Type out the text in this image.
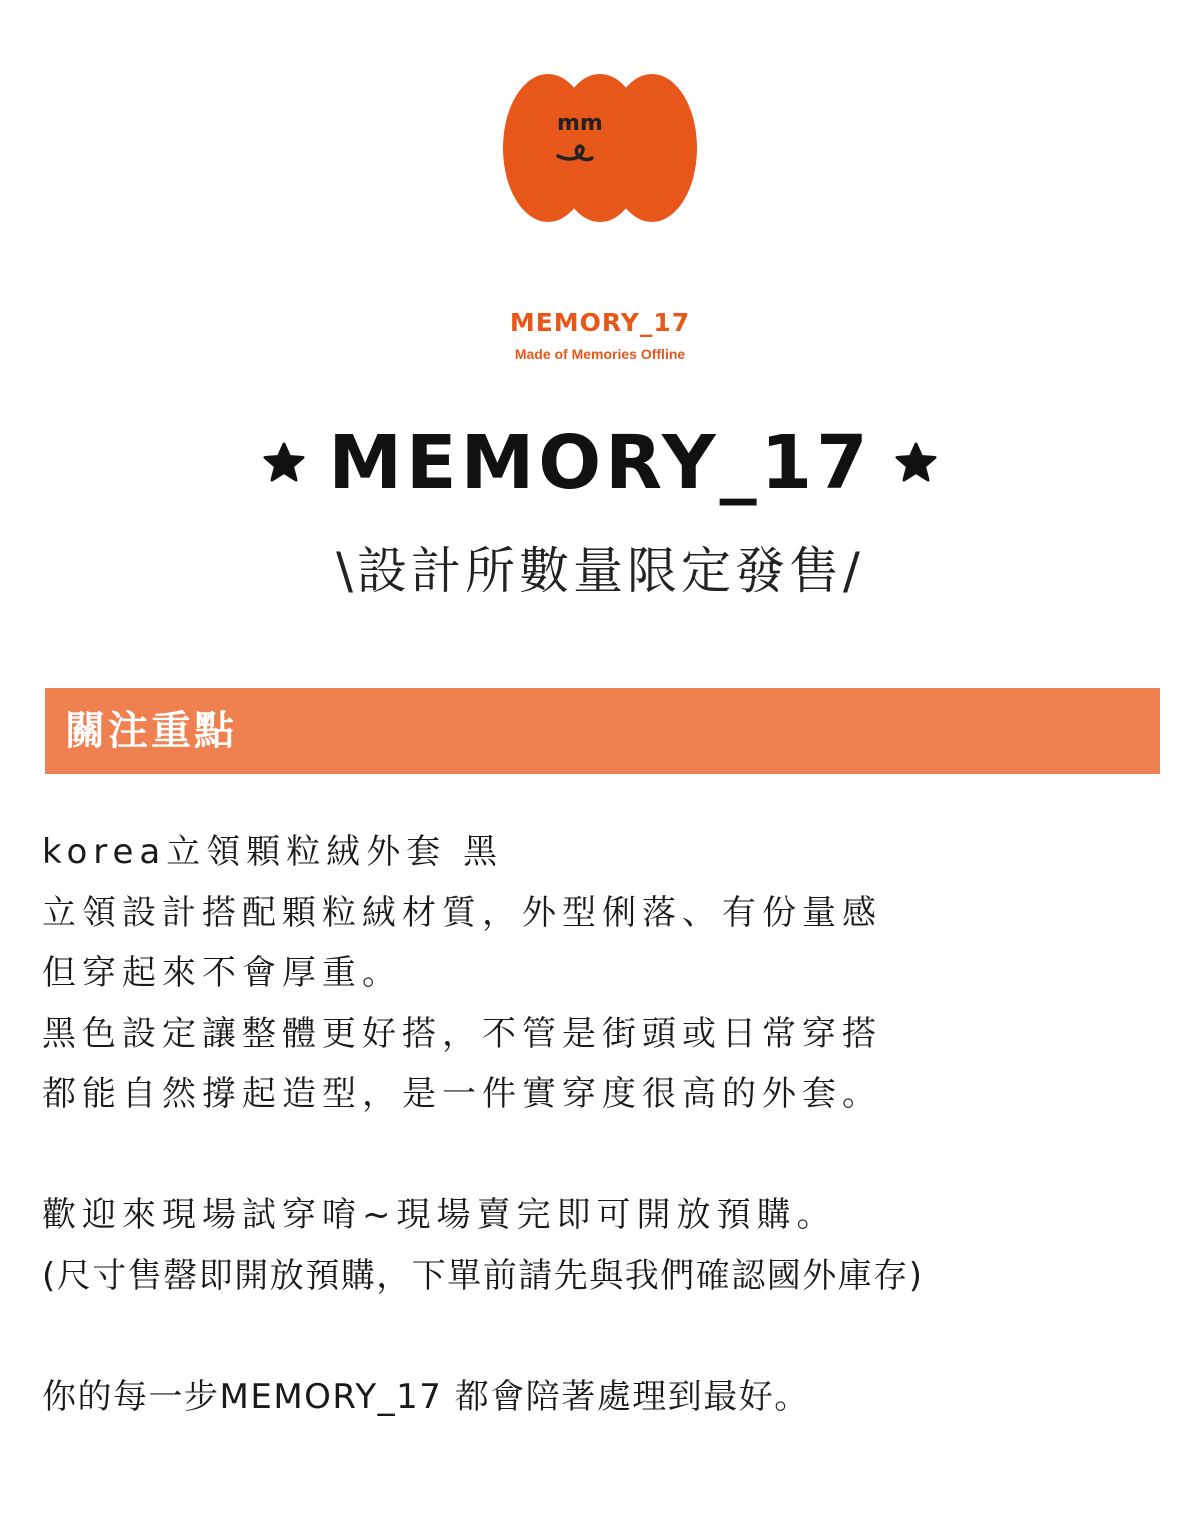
mm
MEMORY_17
Made of Memories Offline
MEMORY_17
\設計所數量限定發售/
關注重點
korea立領顆粒絨外套 黑
立領設計搭配顆粒絨材質，外型俐落、有份量感
但穿起來不會厚重。
黑色設定讓整體更好搭，不管是街頭或日常穿搭
都能自然撐起造型，是一件實穿度很高的外套。
歡迎來現場試穿唷~現場賣完即可開放預購。
(尺寸售罄即開放預購，下單前請先與我們確認國外庫存)
你的每一步MEMORY_17 都會陪著處理到最好。
